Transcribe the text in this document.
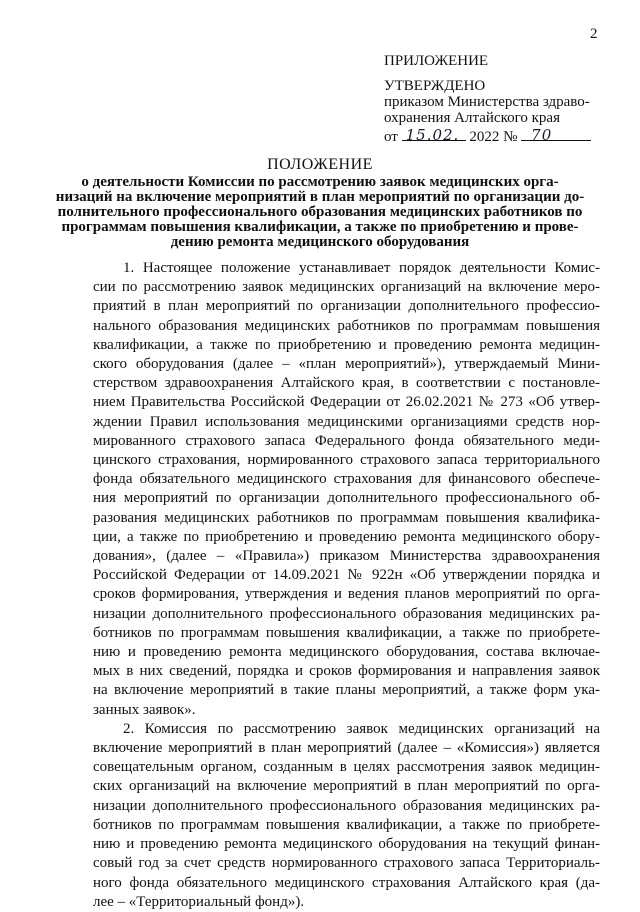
2
ПРИЛОЖЕНИЕ
УТВЕРЖДЕНО
приказом Министерства здраво-
охранения Алтайского края
от 15.02. 2022 № 70
ПОЛОЖЕНИЕ
о деятельности Комиссии по рассмотрению заявок медицинских орга-
низаций на включение мероприятий в план мероприятий по организации до-
полнительного профессионального образования медицинских работников по
программам повышения квалификации, а также по приобретению и прове-
дению ремонта медицинского оборудования
1. Настоящее положение устанавливает порядок деятельности Комис-
сии по рассмотрению заявок медицинских организаций на включение меро-
приятий в план мероприятий по организации дополнительного профессио-
нального образования медицинских работников по программам повышения
квалификации, а также по приобретению и проведению ремонта медицин-
ского оборудования (далее – «план мероприятий»), утверждаемый Мини-
стерством здравоохранения Алтайского края, в соответствии с постановле-
нием Правительства Российской Федерации от 26.02.2021 № 273 «Об утвер-
ждении Правил использования медицинскими организациями средств нор-
мированного страхового запаса Федерального фонда обязательного меди-
цинского страхования, нормированного страхового запаса территориального
фонда обязательного медицинского страхования для финансового обеспече-
ния мероприятий по организации дополнительного профессионального об-
разования медицинских работников по программам повышения квалифика-
ции, а также по приобретению и проведению ремонта медицинского обору-
дования», (далее – «Правила») приказом Министерства здравоохранения
Российской Федерации от 14.09.2021 № 922н «Об утверждении порядка и
сроков формирования, утверждения и ведения планов мероприятий по орга-
низации дополнительного профессионального образования медицинских ра-
ботников по программам повышения квалификации, а также по приобрете-
нию и проведению ремонта медицинского оборудования, состава включае-
мых в них сведений, порядка и сроков формирования и направления заявок
на включение мероприятий в такие планы мероприятий, а также форм ука-
занных заявок».
2. Комиссия по рассмотрению заявок медицинских организаций на
включение мероприятий в план мероприятий (далее – «Комиссия») является
совещательным органом, созданным в целях рассмотрения заявок медицин-
ских организаций на включение мероприятий в план мероприятий по орга-
низации дополнительного профессионального образования медицинских ра-
ботников по программам повышения квалификации, а также по приобрете-
нию и проведению ремонта медицинского оборудования на текущий финан-
совый год за счет средств нормированного страхового запаса Территориаль-
ного фонда обязательного медицинского страхования Алтайского края (да-
лее – «Территориальный фонд»).
